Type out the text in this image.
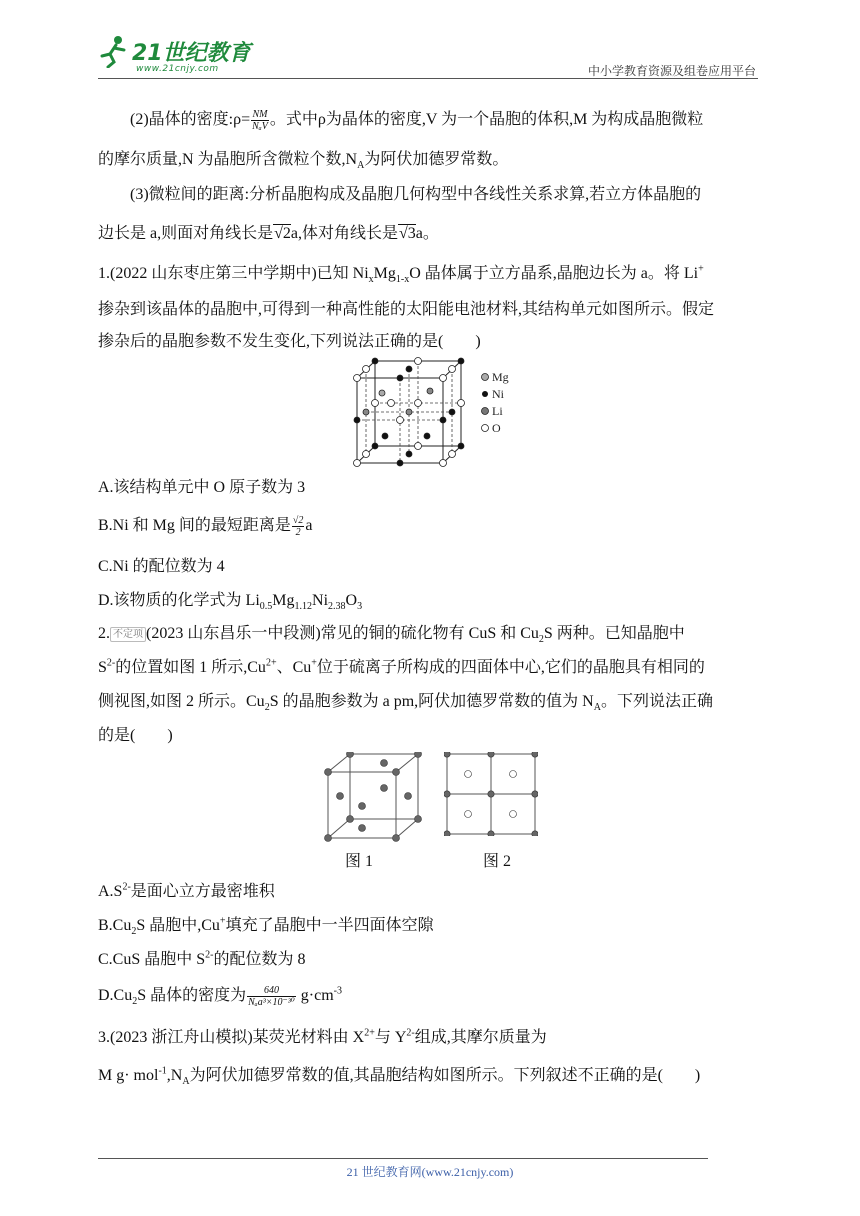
21世纪教育
www.21cnjy.com	中小学教育资源及组卷应用平台
(2)晶体的密度:ρ= $\frac{NM}{\text{NₐV}}$ 。式中ρ为晶体的密度,V 为一个晶胞的体积,M 为构成晶胞微粒
的摩尔质量,N 为晶胞所含微粒个数$,N_A$为阿伏加德罗常数。
(3)微粒间的距离:分析晶胞构成及晶胞几何构型中各线性关系求算,若立方体晶胞的
边长是 a,则面对角线长是√2a,体对角线长是√3a。
1.(2022 山东枣庄第三中学期中)已知 $Ni_xMg_{1-x}O$ 晶体属于立方晶系,晶胞边长为 a。将 Li+
掺杂到该晶体的晶胞中,可得到一种高性能的太阳能电池材料,其结构单元如图所示。假定
掺杂后的晶胞参数不发生变化,下列说法正确的是(　　)
Mg
Ni
Li
O
A.该结构单元中 O 原子数为 3
B.Ni 和 Mg 间的最短距离是 $\frac{√2}{2}$ a
C.Ni 的配位数为 4
D.该物质的化学式为 $Li_{0.5}Mg_{1.12}Ni_{2.38}O_3$
2. 不定项 (2023 山东昌乐一中段测)常见的铜的硫化物有 CuS 和 $Cu_2S$ 两种。已知晶胞中
$S^{2-}$的位置如图 1 所示$,Cu^{2+}$、Cu+位于硫离子所构成的四面体中心,它们的晶胞具有相同的
侧视图,如图 2 所示。$Cu_2S$ 的晶胞参数为 a pm,阿伏加德罗常数的值为 $N_A$。下列说法正确
的是(　　)
图 1	图 2
$A.S^{2-}$是面心立方最密堆积
$B.Cu_2S$ 晶胞中,Cu+填充了晶胞中一半四面体空隙
C.CuS 晶胞中 $S^{2-}$的配位数为 8
$D.Cu_2S$ 晶体的密度为 $\frac{640}{\text{Nₐa³×10⁻³⁰}} g\cdot cm^{-3}$
3.(2023 浙江舟山模拟)某荧光材料由 $X^{2+}$与 $Y^{2-}$组成,其摩尔质量为
M $g\cdot mol^{-1},N_A$为阿伏加德罗常数的值,其晶胞结构如图所示。下列叙述不正确的是(　　)
21 世纪教育网(www.21cnjy.com)
